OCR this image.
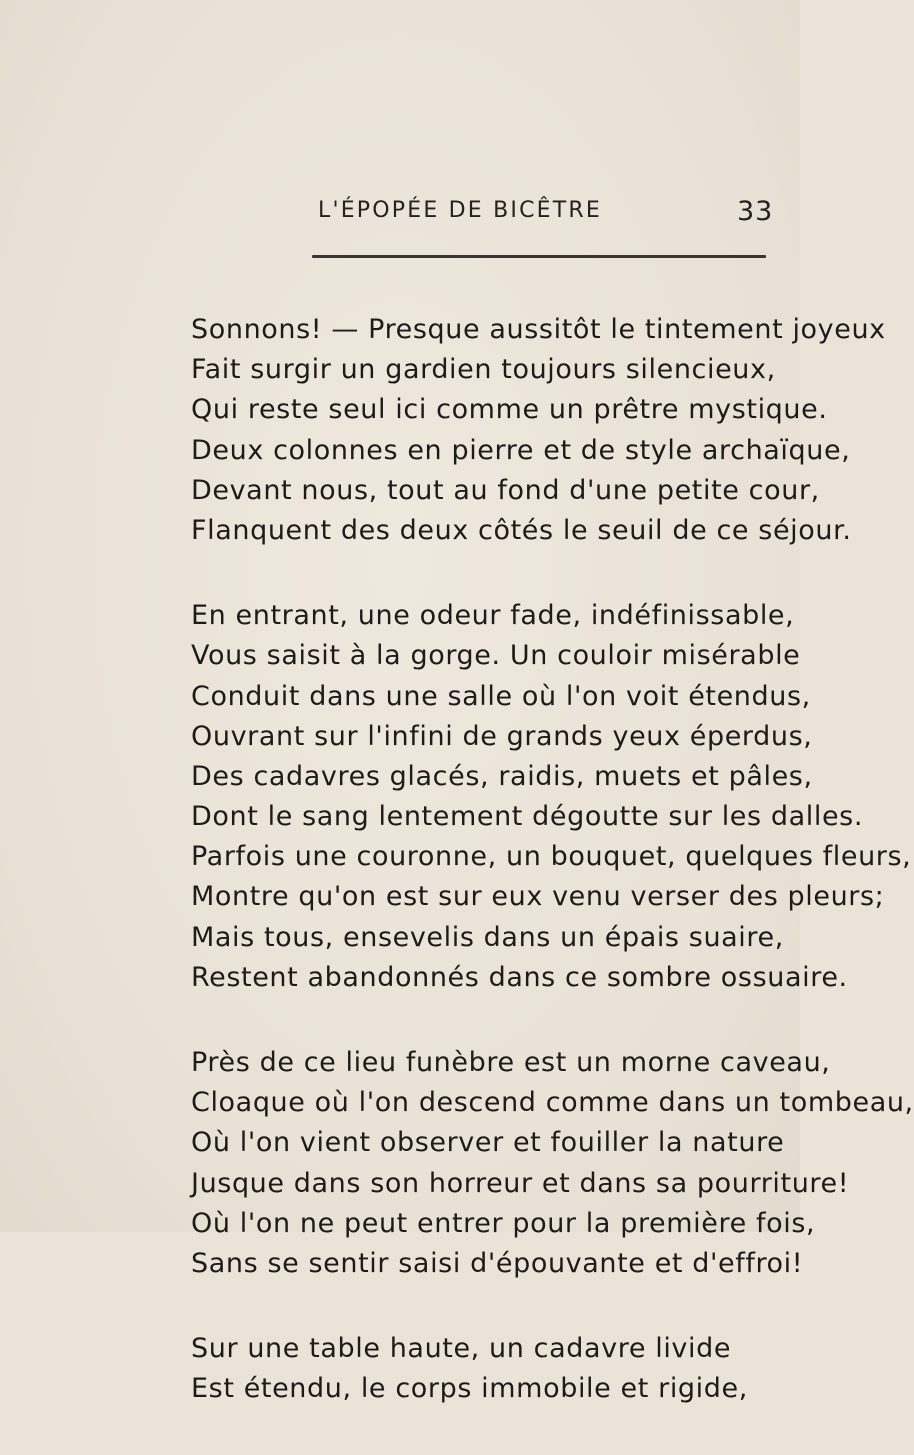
L'ÉPOPÉE DE BICÊTRE	33
Sonnons! — Presque aussitôt le tintement joyeux
Fait surgir un gardien toujours silencieux,
Qui reste seul ici comme un prêtre mystique.
Deux colonnes en pierre et de style archaïque,
Devant nous, tout au fond d'une petite cour,
Flanquent des deux côtés le seuil de ce séjour.
En entrant, une odeur fade, indéfinissable,
Vous saisit à la gorge. Un couloir misérable
Conduit dans une salle où l'on voit étendus,
Ouvrant sur l'infini de grands yeux éperdus,
Des cadavres glacés, raidis, muets et pâles,
Dont le sang lentement dégoutte sur les dalles.
Parfois une couronne, un bouquet, quelques fleurs,
Montre qu'on est sur eux venu verser des pleurs;
Mais tous, ensevelis dans un épais suaire,
Restent abandonnés dans ce sombre ossuaire.
Près de ce lieu funèbre est un morne caveau,
Cloaque où l'on descend comme dans un tombeau,
Où l'on vient observer et fouiller la nature
Jusque dans son horreur et dans sa pourriture!
Où l'on ne peut entrer pour la première fois,
Sans se sentir saisi d'épouvante et d'effroi!
Sur une table haute, un cadavre livide
Est étendu, le corps immobile et rigide,
